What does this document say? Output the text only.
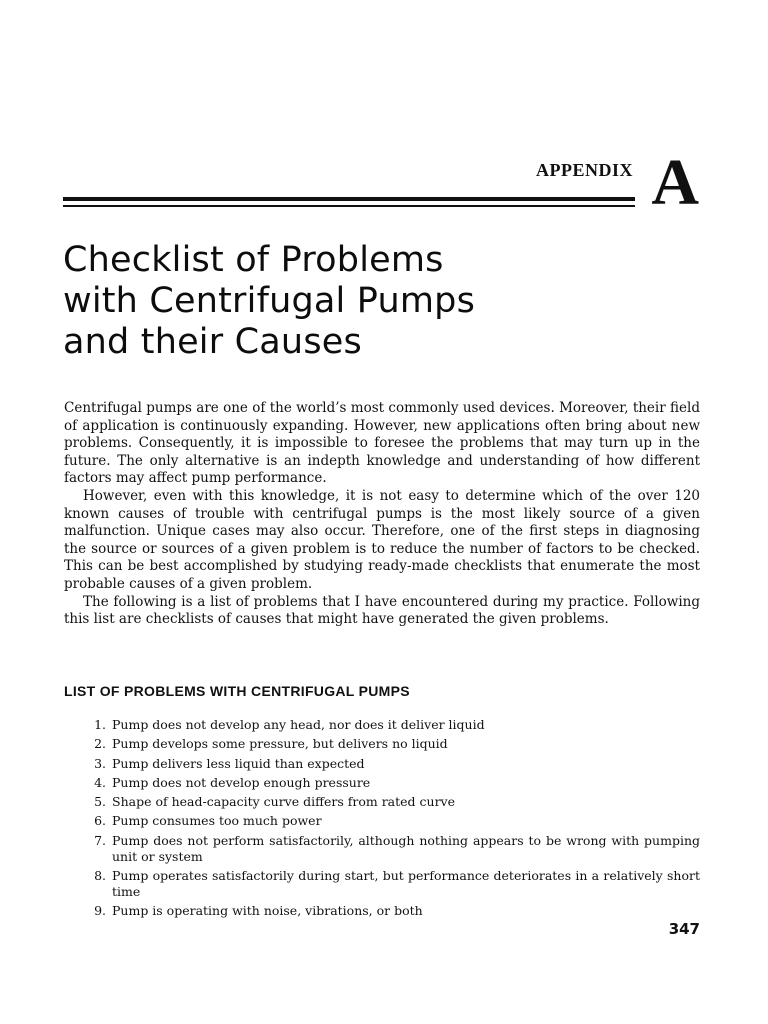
APPENDIX A
Checklist of Problems
with Centrifugal Pumps
and their Causes

Centrifugal pumps are one of the world’s most commonly used devices. Moreover, their field of application is continuously expanding. However, new applications often bring about new problems. Consequently, it is impossible to foresee the problems that may turn up in the future. The only alternative is an indepth knowledge and understanding of how different factors may affect pump performance.

However, even with this knowledge, it is not easy to determine which of the over 120 known causes of trouble with centrifugal pumps is the most likely source of a given malfunction. Unique cases may also occur. Therefore, one of the first steps in diagnosing the source or sources of a given problem is to reduce the number of factors to be checked. This can be best accomplished by studying ready-made checklists that enumerate the most probable causes of a given problem.

The following is a list of problems that I have encountered during my practice. Following this list are checklists of causes that might have generated the given problems.

LIST OF PROBLEMS WITH CENTRIFUGAL PUMPS
1. Pump does not develop any head, nor does it deliver liquid
2. Pump develops some pressure, but delivers no liquid
3. Pump delivers less liquid than expected
4. Pump does not develop enough pressure
5. Shape of head-capacity curve differs from rated curve
6. Pump consumes too much power
7. Pump does not perform satisfactorily, although nothing appears to be wrong with pumping unit or system
8. Pump operates satisfactorily during start, but performance deteriorates in a relatively short time
9. Pump is operating with noise, vibrations, or both
347
